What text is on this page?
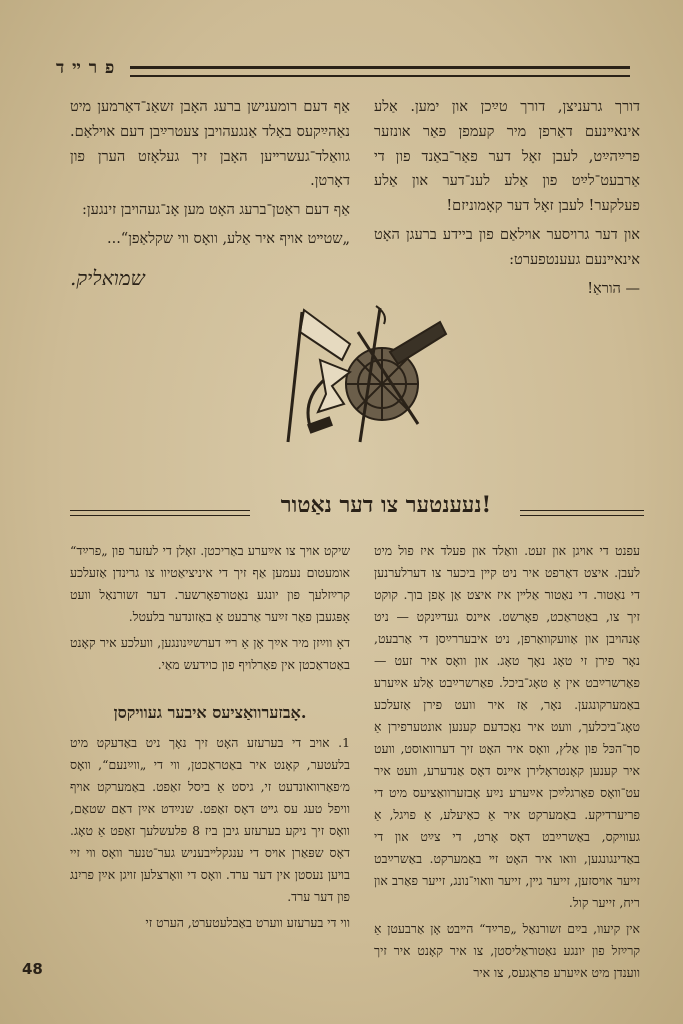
פ ר ײ ד

דורך גרעניצן, דורך טײַכן און ימען. אַלע אינאײנעם דאַרפן מיר קעמפן פאַר אונזער פרײַהײַט, לעבן זאָל דער פאַר־באַנד פון די אַרבעט־לײַט פון אַלע לענ־דער און אַלע פעלקער! לעבן זאָל דער קאָמוניזם!

און דער גרױסער אױלאַם פון ביידע ברעגן האָט אינאײנעם געענטפערט:

— הוראַ!

אַף דעם רומענישן ברעג האָבן זשאַנ־דאַרמען מיט נאַהײַקעס באַלד אַנגעהויבן צעטרײַבן דעם אױלאַם. גוואַלד־געשרײען האָבן זיך געלאָזט הערן פון דאָרטן.

אַף דעם ראַטן־ברעג האָט מען אָנ־געהויבן זינגען:

„שטײט אױף איר אַלע, וואָס ווי שקלאַפן“...

שמואליק.
!נעענטער צו דער נאַטור

עפנט די אױגן און זעט. וואַלד און פעלד איז פול מיט לעבן. איצט דאַרפט איר ניט קײן ביכער צו דערלערנען די נאַטור. די נאַטור אַלײן איז איצט אַן אָפן בוך. קוקט זיך צו, באַטראַכט, פאָרשט. אײנס געדײַנקט — ניט אָנהויבן און אַוועקוואַרפן, ניט איבעררײַסן די אַרבעט, נאָר פירן זי טאָג נאָך טאָג. און וואָס איר זעט — פאַרשרײַבט אין אַ טאָג־ביכל. פאַרשרײַבט אַלע אײַערע באַמערקונגען. נאָר, אַז איר וועט פירן אַזעלכע טאָג־ביכלעך, וועט איר נאָכדעם קענען אונטערפירן אַ סך־הכּל פון אַלץ, וואָס איר האָט זיך דערוואוסט, וועט איר קענען קאָנטראָלירן אײנס דאָס אַנדערע, וועט איר עט־װאָס פאַרגלײַכן אײַערע נײַע אָבזערוואַציעס מיט די פריערדיקע. באַמערקט איר אַ כאַיעלע, אַ פױגל, אַ געוויקס, באַשרײַבט דאָס אָרט, די צײַט און די באַדינגונגען, וואו איר האָט זײ באַמערקט. באַשרײַבט זייער אויסזען, זייער גײן, זייער וואוי־נונג, זייער פאַרב און ריח, זייער קול.

אין קיעוו, בײַם זשורנאַל „פרײַד“ הײבט אָן אַרבעטן אַ קרײַזל פון יונגע נאַטוראַליסטן, צו איר קאָנט איר זיך ווענדן מיט אײַערע פראַגעס, צו איר

שיקט אױך צו אײַערע באַריכטן. זאָלן די לעזער פון „פרײַד“ אומעטום נעמען אַף זיך די איניציאַטיוו צו גרינדן אַזעלכע קרײַזלעך פון יונגע נאַטורפאָרשער. דער זשורנאַל וועט אָפּגעבן פאַר זײַער אַרבעט אַ באַזונדער בלעטל.

דאָ ווײַזן מיר אײַך אָן אַ רײ דערשײַנונגען, וועלכע איר קאָנט באַטראַכטן אין פאַרלויף פון כוידעש מאַי.

.אָבזערוואַציעס איבער געוויקסן

1. אויב די בערעזע האָט זיך נאָך ניט באַדעקט מיט בלעטער, קאָנט איר באַטראַכטן, ווי די „ווײַנעם“, וואָס מ׳פאַרוואונדעט זי, גיסט אַ ביסל זאַפט. באַמערקט אױף וויפל טעג עס גײט דאָס זאַפט. שנײַדט אײַן דאַם שטאַם, וואָס זיך ניקע בערעזע גיבן ביז 8 פלעשלעך זאַפט אַ טאָג. דאָס שפּאַרן אױס די ענגקלײבעניש גער־טנער וואָס ווי זיי בױען נעסטן אין דער ערד. וואָס די וואָרצלען זױגן אײַן פריִנג פון דער ערד.

ווי די בערעזע ווערט באַבלעטערט, הערט זי

48
